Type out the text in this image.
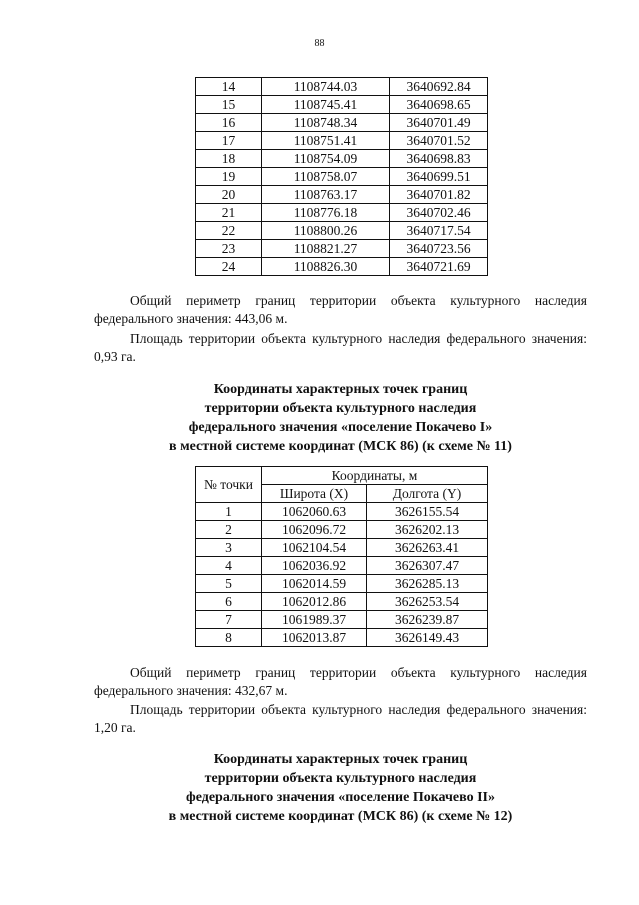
88
14	1108744.03	3640692.84
15	1108745.41	3640698.65
16	1108748.34	3640701.49
17	1108751.41	3640701.52
18	1108754.09	3640698.83
19	1108758.07	3640699.51
20	1108763.17	3640701.82
21	1108776.18	3640702.46
22	1108800.26	3640717.54
23	1108821.27	3640723.56
24	1108826.30	3640721.69
Общий периметр границ территории объекта культурного наследия федерального значения: 443,06 м.
Площадь территории объекта культурного наследия федерального значения: 0,93 га.
Координаты характерных точек границ
территории объекта культурного наследия
федерального значения «поселение Покачево I»
в местной системе координат (МСК 86) (к схеме № 11)
№ точки	Координаты, м	
	Широта (X)	Долгота (Y)
1	1062060.63	3626155.54
2	1062096.72	3626202.13
3	1062104.54	3626263.41
4	1062036.92	3626307.47
5	1062014.59	3626285.13
6	1062012.86	3626253.54
7	1061989.37	3626239.87
8	1062013.87	3626149.43
Общий периметр границ территории объекта культурного наследия федерального значения: 432,67 м.
Площадь территории объекта культурного наследия федерального значения: 1,20 га.
Координаты характерных точек границ
территории объекта культурного наследия
федерального значения «поселение Покачево II»
в местной системе координат (МСК 86) (к схеме № 12)
